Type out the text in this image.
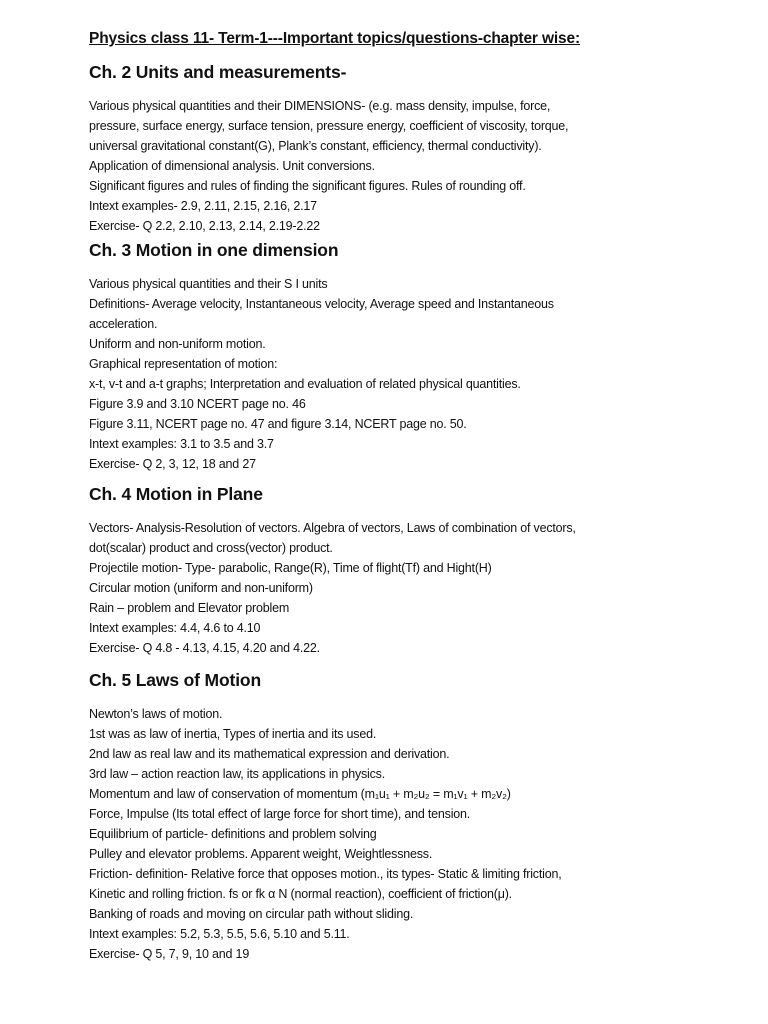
Physics class 11- Term-1---Important topics/questions-chapter wise:
Ch. 2 Units and measurements-
Various physical quantities and their DIMENSIONS- (e.g. mass density, impulse, force,
pressure, surface energy, surface tension, pressure energy, coefficient of viscosity, torque,
universal gravitational constant(G), Plank’s constant, efficiency, thermal conductivity).
Application of dimensional analysis. Unit conversions.
Significant figures and rules of finding the significant figures. Rules of rounding off.
Intext examples- 2.9, 2.11, 2.15, 2.16, 2.17
Exercise- Q 2.2, 2.10, 2.13, 2.14, 2.19-2.22
Ch. 3 Motion in one dimension
Various physical quantities and their S I units
Definitions- Average velocity, Instantaneous velocity, Average speed and Instantaneous
acceleration.
Uniform and non-uniform motion.
Graphical representation of motion:
x-t, v-t and a-t graphs; Interpretation and evaluation of related physical quantities.
Figure 3.9 and 3.10 NCERT page no. 46
Figure 3.11, NCERT page no. 47 and figure 3.14, NCERT page no. 50.
Intext examples: 3.1 to 3.5 and 3.7
Exercise- Q 2, 3, 12, 18 and 27
Ch. 4 Motion in Plane
Vectors- Analysis-Resolution of vectors. Algebra of vectors, Laws of combination of vectors,
dot(scalar) product and cross(vector) product.
Projectile motion- Type- parabolic, Range(R), Time of flight(Tf) and Hight(H)
Circular motion (uniform and non-uniform)
Rain – problem and Elevator problem
Intext examples: 4.4, 4.6 to 4.10
Exercise- Q 4.8 - 4.13, 4.15, 4.20 and 4.22.
Ch. 5 Laws of Motion
Newton’s laws of motion.
1st was as law of inertia, Types of inertia and its used.
2nd law as real law and its mathematical expression and derivation.
3rd law – action reaction law, its applications in physics.
Momentum and law of conservation of momentum (m₁u₁ + m₂u₂ = m₁v₁ + m₂v₂)
Force, Impulse (Its total effect of large force for short time), and tension.
Equilibrium of particle- definitions and problem solving
Pulley and elevator problems. Apparent weight, Weightlessness.
Friction- definition- Relative force that opposes motion., its types- Static & limiting friction,
Kinetic and rolling friction. fs or fk α N (normal reaction), coefficient of friction(μ).
Banking of roads and moving on circular path without sliding.
Intext examples: 5.2, 5.3, 5.5, 5.6, 5.10 and 5.11.
Exercise- Q 5, 7, 9, 10 and 19
